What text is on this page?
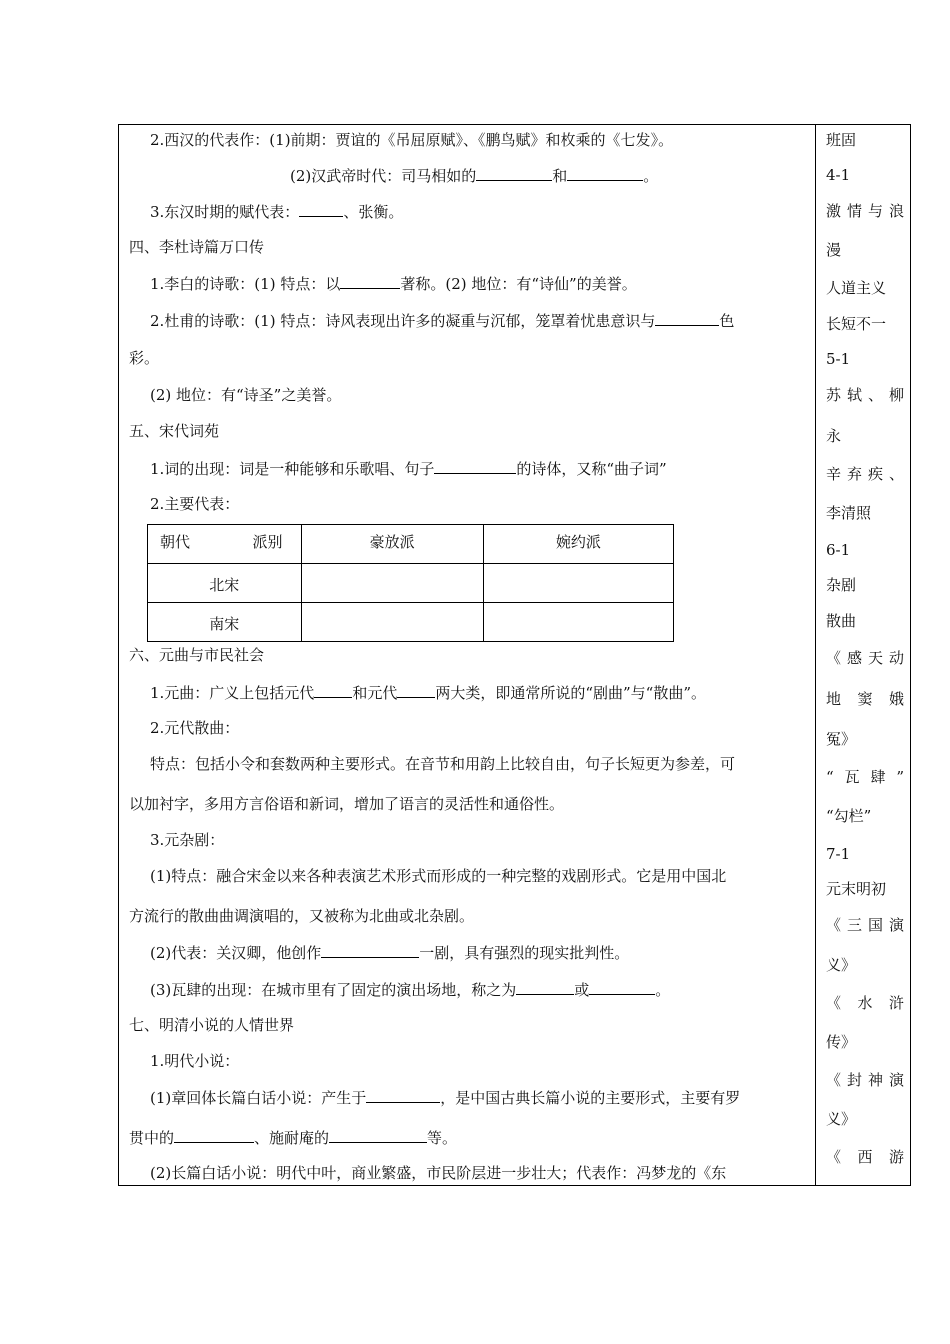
2.西汉的代表作：(1)前期：贾谊的《吊屈原赋》、《鹏鸟赋》和枚乘的《七发》。
(2)汉武帝时代：司马相如的	和	。
3.东汉时期的赋代表：	、张衡。
四、李杜诗篇万口传
1.李白的诗歌：(1) 特点：以	著称。(2) 地位：有“诗仙”的美誉。
2.杜甫的诗歌：(1) 特点：诗风表现出许多的凝重与沉郁，笼罩着忧患意识与	色
彩。
(2) 地位：有“诗圣”之美誉。
五、宋代词苑
1.词的出现：词是一种能够和乐歌唱、句子	的诗体，又称“曲子词”
2.主要代表：
朝代 派别	豪放派	婉约派
北宋		
南宋		
六、元曲与市民社会
1.元曲：广义上包括元代	和元代	两大类，即通常所说的“剧曲”与“散曲”。
2.元代散曲：
特点：包括小令和套数两种主要形式。在音节和用韵上比较自由，句子长短更为参差，可
以加衬字，多用方言俗语和新词，增加了语言的灵活性和通俗性。
3.元杂剧：
(1)特点：融合宋金以来各种表演艺术形式而形成的一种完整的戏剧形式。它是用中国北
方流行的散曲曲调演唱的，又被称为北曲或北杂剧。
(2)代表：关汉卿，他创作	一剧，具有强烈的现实批判性。
(3)瓦肆的出现：在城市里有了固定的演出场地，称之为	或	。
七、明清小说的人情世界
1.明代小说：
(1)章回体长篇白话小说：产生于	，是中国古典长篇小说的主要形式，主要有罗
贯中的	、施耐庵的	等。
(2)长篇白话小说：明代中叶，商业繁盛，市民阶层进一步壮大；代表作：冯梦龙的《东
班固
4-1
激 情 与 浪
漫
人道主义
长短不一
5-1
苏 轼 、 柳
永
辛 弃 疾 、
李清照
6-1
杂剧
散曲
《 感 天 动
地 窦 娥
冤》
“ 瓦 肆 ”
“勾栏”
7-1
元末明初
《 三 国 演
义》
《 水 浒
传》
《 封 神 演
义》
《 西 游
